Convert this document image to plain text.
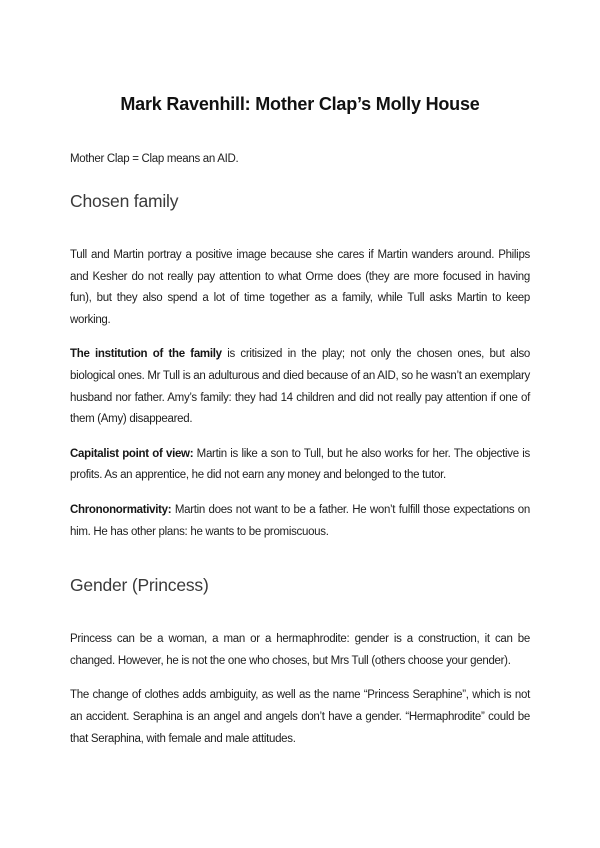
Mark Ravenhill: Mother Clap’s Molly House

Mother Clap = Clap means an AID.

Chosen family

Tull and Martin portray a positive image because she cares if Martin wanders around. Philips and Kesher do not really pay attention to what Orme does (they are more focused in having fun), but they also spend a lot of time together as a family, while Tull asks Martin to keep working.

The institution of the family is critisized in the play; not only the chosen ones, but also biological ones. Mr Tull is an adulturous and died because of an AID, so he wasn’t an exemplary husband nor father. Amy’s family: they had 14 children and did not really pay attention if one of them (Amy) disappeared.

Capitalist point of view: Martin is like a son to Tull, but he also works for her. The objective is profits. As an apprentice, he did not earn any money and belonged to the tutor.

Chrononormativity: Martin does not want to be a father. He won’t fulfill those expectations on him. He has other plans: he wants to be promiscuous.

Gender (Princess)

Princess can be a woman, a man or a hermaphrodite: gender is a construction, it can be changed. However, he is not the one who choses, but Mrs Tull (others choose your gender).

The change of clothes adds ambiguity, as well as the name “Princess Seraphine”, which is not an accident. Seraphina is an angel and angels don’t have a gender. “Hermaphrodite” could be that Seraphina, with female and male attitudes.
